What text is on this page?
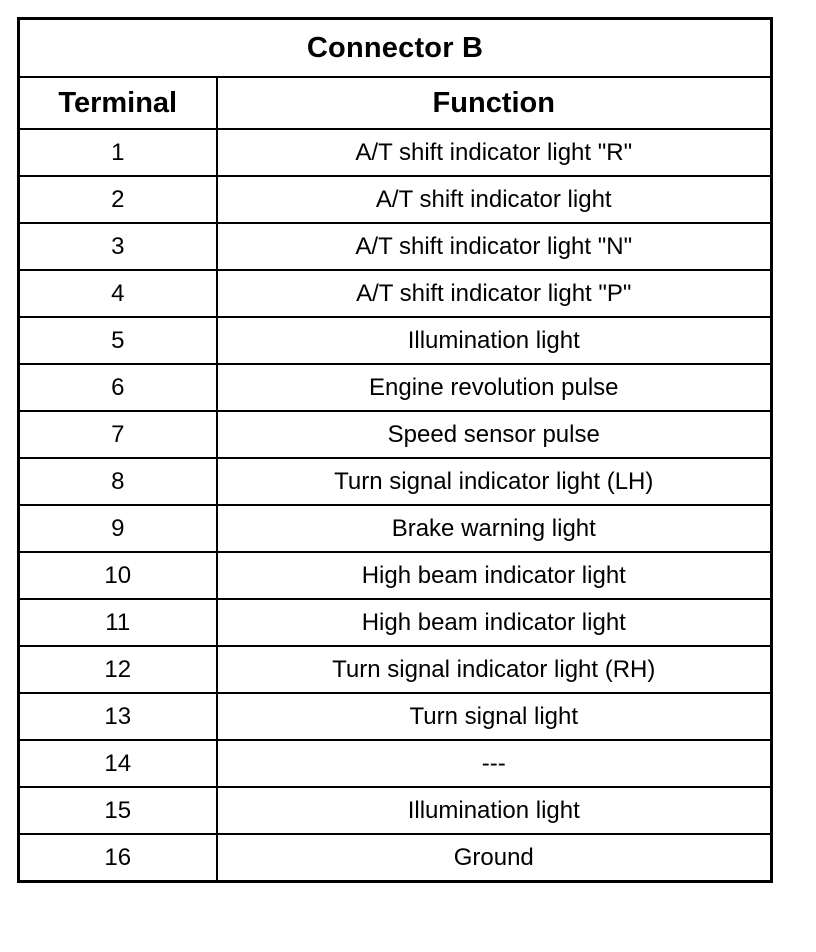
Connector B	
Terminal	Function
1	A/T shift indicator light "R"
2	A/T shift indicator light
3	A/T shift indicator light "N"
4	A/T shift indicator light "P"
5	Illumination light
6	Engine revolution pulse
7	Speed sensor pulse
8	Turn signal indicator light (LH)
9	Brake warning light
10	High beam indicator light
11	High beam indicator light
12	Turn signal indicator light (RH)
13	Turn signal light
14	---
15	Illumination light
16	Ground
